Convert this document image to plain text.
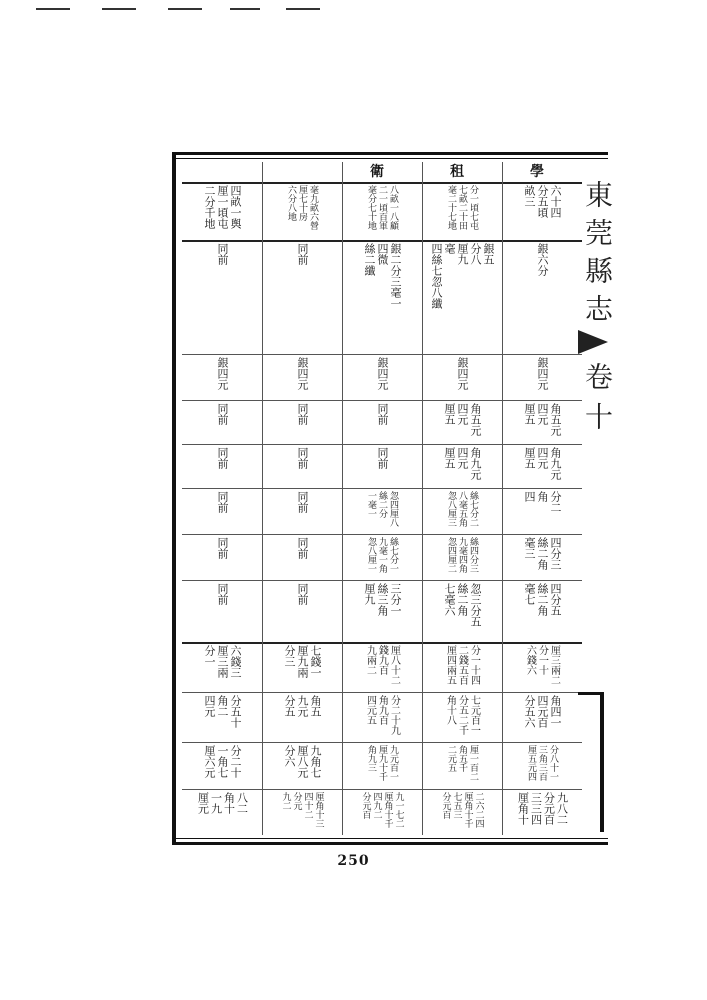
學
六十四
分五頃
畝三
銀六分
銀四元
角五元
四元
厘五
角九元
四元
厘五
分二
角
四
四分三
絲二角
毫三
四分五
絲二角
毫七
厘三兩二
分一十
六錢六
角四一
四元百
分五六
分八十一
三角三百
厘五元四
九八二
分元百
三三四
厘角十
租
分一頃七屯
七畝二十田
毫二十七地
銀五
分八
厘九
毫
四絲七忽八纖
銀四元
角五元
四元
厘五
角九元
四元
厘五
絲七分二
八毫五角
忽八厘三
絲四分三
九毫四角
忽四厘二
忽三分五
絲二角
七毫六
分一十四
二錢五百
厘四兩五
七元百一
分五二千
角十八
厘一百二
角五千
二元五
二六二四
厘角十千
七五三
分元百
衛
八畝一八顧
二一頃百軍
毫分七十地
銀二分三毫一
四微
絲二纖
銀四元
同前
同前
忽四厘八
絲二分
一毫一
絲七分一
九毫一角
忽八厘一
三分一
絲三角
厘九
厘八十二
錢九百
九兩二
分二十九
角九百
四元五
九元百一
厘九十千
角九三
九一七二
厘角十千
四九二
分元百
毫九畝六營
厘七十房
六分八地
同前
銀四元
同前
同前
同前
同前
同前
七錢一
厘九兩
分三
角五
九元
分五
九角七
厘八元
分六
厘角十三
四十二
分元
九二
四畝一舆
厘一頃屯
二分千地
同前
銀四元
同前
同前
同前
同前
同前
六錢三
厘三兩
分一
分五十
角二
四元
分二十
一角七
厘六元
八二
角十
一九
厘元
東莞縣志
卷十
250
